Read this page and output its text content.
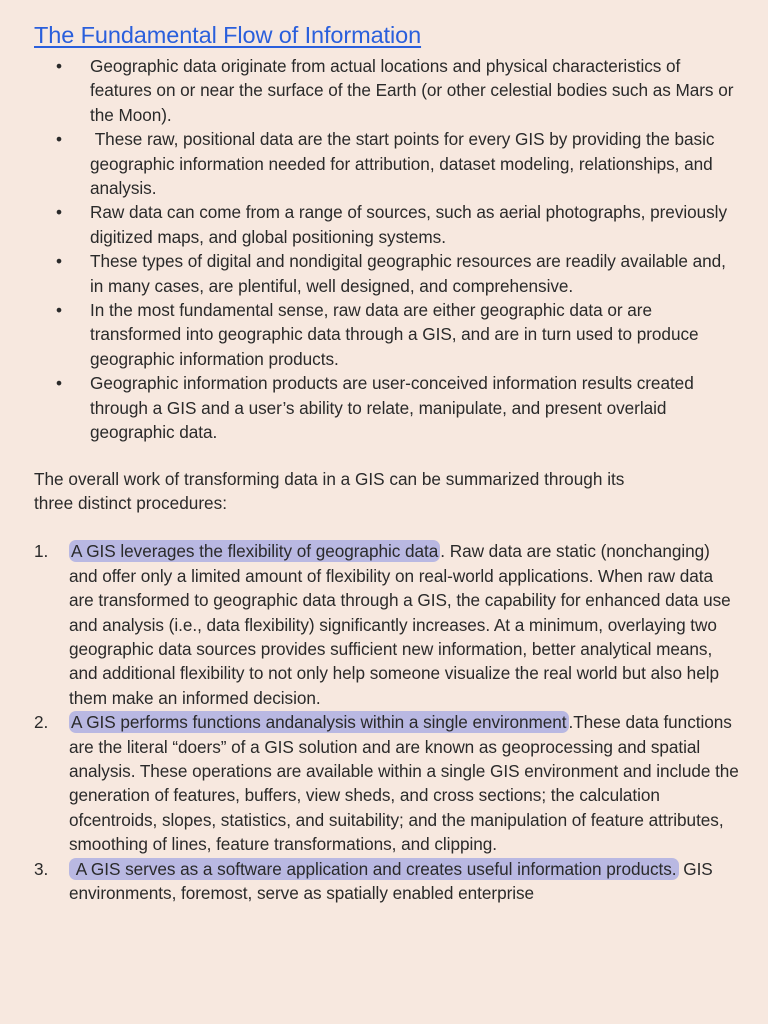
The Fundamental Flow of Information
• Geographic data originate from actual locations and physical characteristics of features on or near the surface of the Earth (or other celestial bodies such as Mars or the Moon).
• These raw, positional data are the start points for every GIS by providing the basic geographic information needed for attribution, dataset modeling, relationships, and analysis.
• Raw data can come from a range of sources, such as aerial photographs, previously digitized maps, and global positioning systems.
• These types of digital and nondigital geographic resources are readily available and, in many cases, are plentiful, well designed, and comprehensive.
• In the most fundamental sense, raw data are either geographic data or are transformed into geographic data through a GIS, and are in turn used to produce geographic information products.
• Geographic information products are user-conceived information results created through a GIS and a user’s ability to relate, manipulate, and present overlaid geographic data.

The overall work of transforming data in a GIS can be summarized through its three distinct procedures:

1. A GIS leverages the flexibility of geographic data . Raw data are static (nonchanging) and offer only a limited amount of flexibility on real-world applications. When raw data are transformed to geographic data through a GIS, the capability for enhanced data use and analysis (i.e., data flexibility) significantly increases. At a minimum, overlaying two geographic data sources provides sufficient new information, better analytical means, and additional flexibility to not only help someone visualize the real world but also help them make an informed decision.
2. A GIS performs functions andanalysis within a single environment .These data functions are the literal “doers” of a GIS solution and are known as geoprocessing and spatial analysis. These operations are available within a single GIS environment and include the generation of features, buffers, view sheds, and cross sections; the calculation ofcentroids, slopes, statistics, and suitability; and the manipulation of feature attributes, smoothing of lines, feature transformations, and clipping.
3. A GIS serves as a software application and creates useful information products. GIS environments, foremost, serve as spatially enabled enterprise
